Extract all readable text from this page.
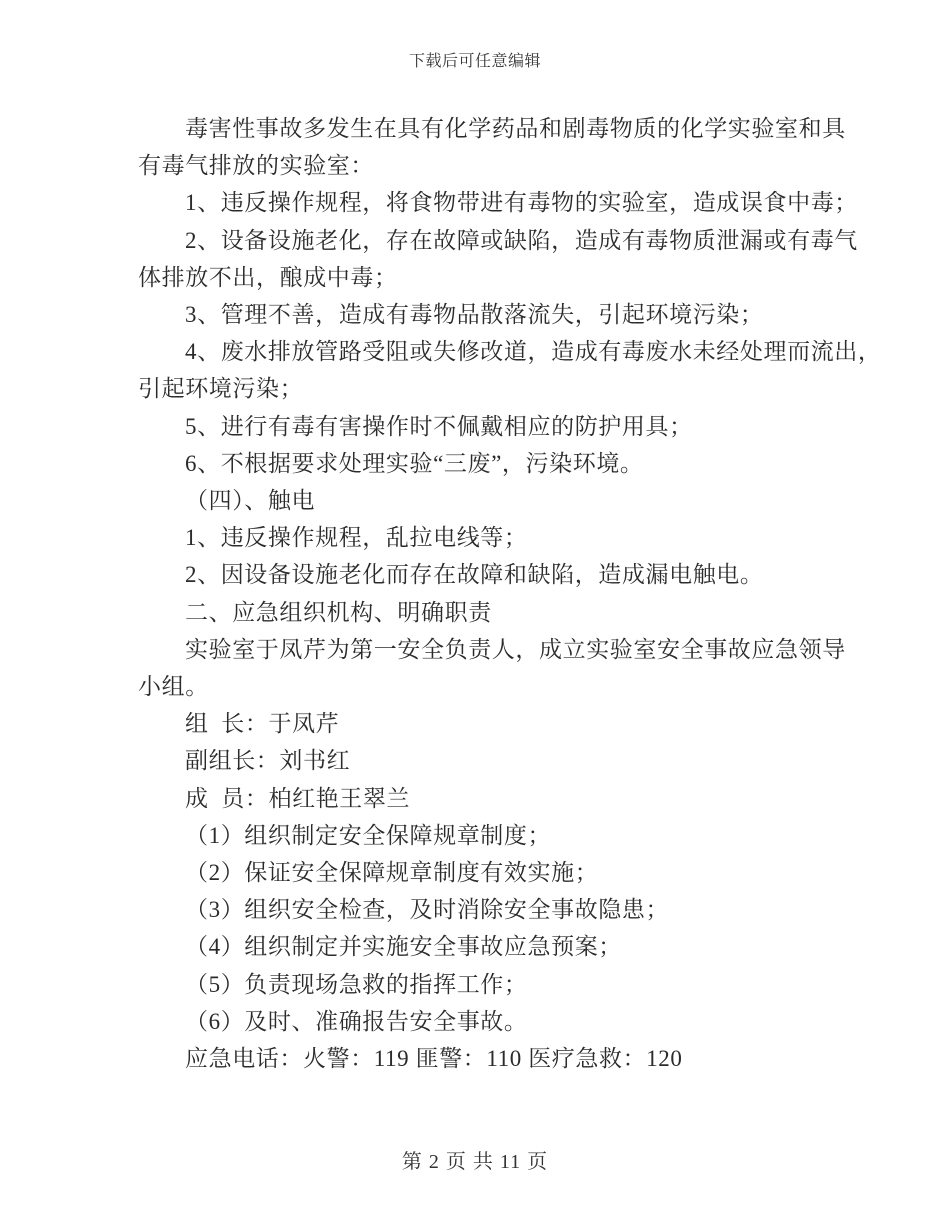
下载后可任意编辑
毒害性事故多发生在具有化学药品和剧毒物质的化学实验室和具
有毒气排放的实验室：
1、违反操作规程，将食物带进有毒物的实验室，造成误食中毒；
2、设备设施老化，存在故障或缺陷，造成有毒物质泄漏或有毒气
体排放不出，酿成中毒；
3、管理不善，造成有毒物品散落流失，引起环境污染；
4、废水排放管路受阻或失修改道，造成有毒废水未经处理而流出，
引起环境污染；
5、进行有毒有害操作时不佩戴相应的防护用具；
6、不根据要求处理实验“三废”，污染环境。
（四）、触电
1、违反操作规程，乱拉电线等；
2、因设备设施老化而存在故障和缺陷，造成漏电触电。
二、应急组织机构、明确职责
实验室于凤芹为第一安全负责人，成立实验室安全事故应急领导
小组。
组  长：于凤芹
副组长：刘书红
成  员：柏红艳王翠兰
（1）组织制定安全保障规章制度；
（2）保证安全保障规章制度有效实施；
（3）组织安全检查，及时消除安全事故隐患；
（4）组织制定并实施安全事故应急预案；
（5）负责现场急救的指挥工作；
（6）及时、准确报告安全事故。
应急电话：火警：119 匪警：110 医疗急救：120
第 2 页 共 11 页
